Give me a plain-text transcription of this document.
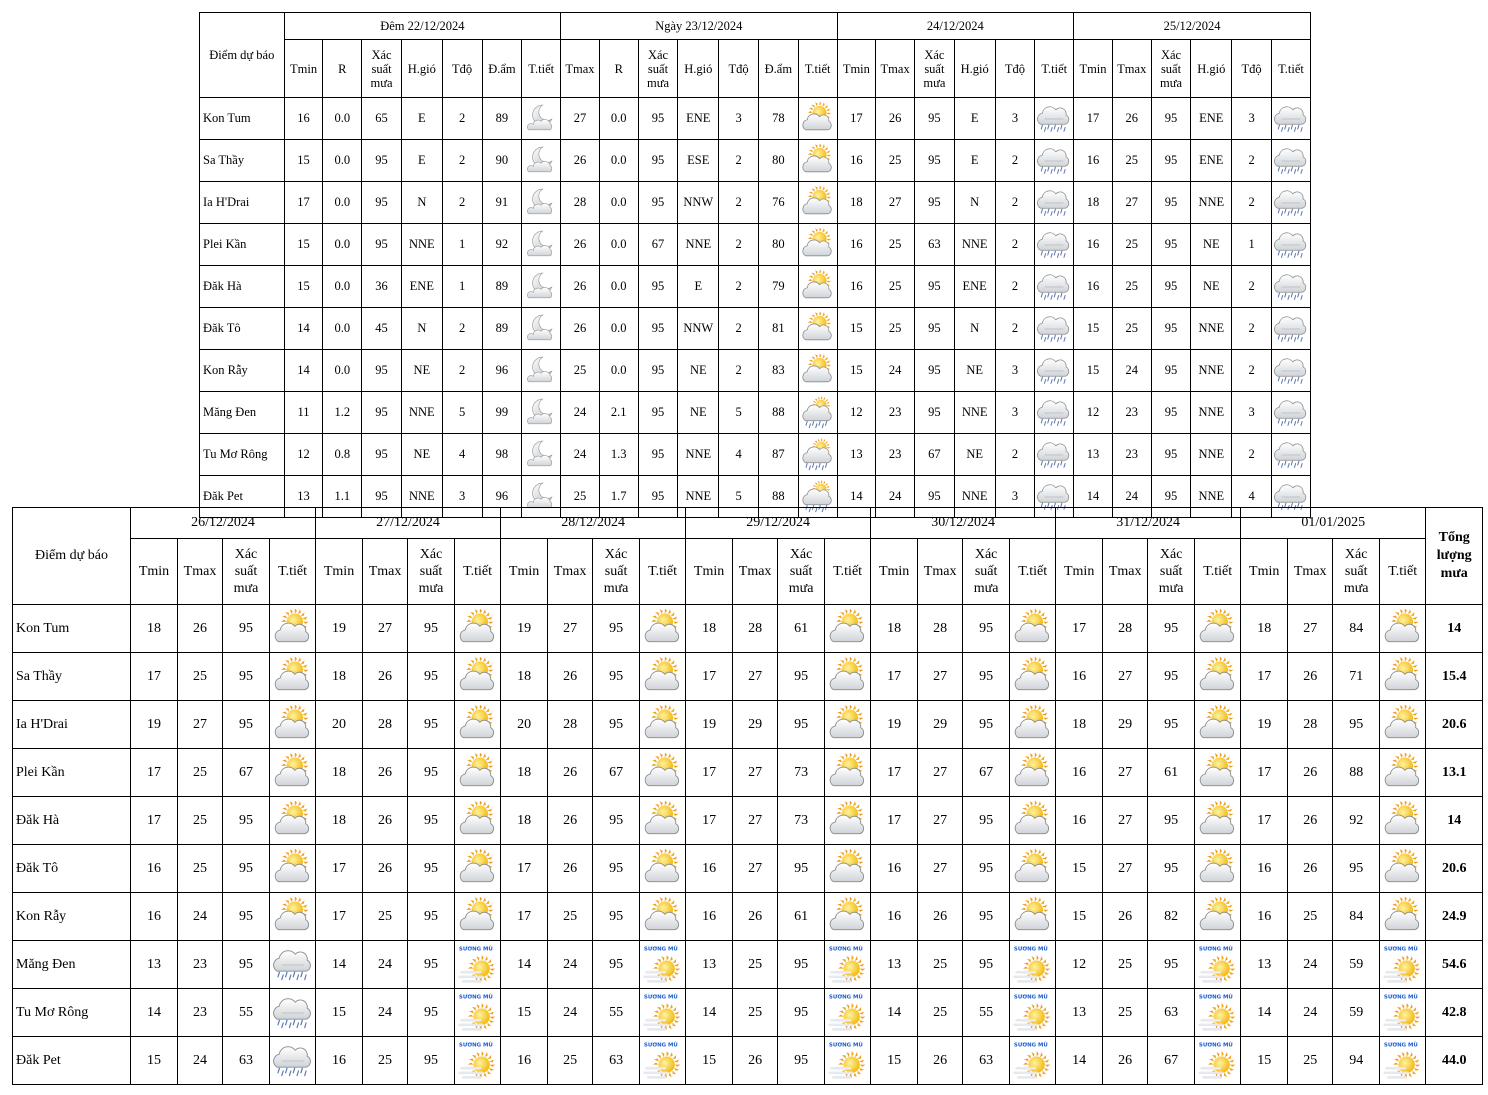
Điểm dự báo	Đêm 22/12/2024							Ngày 23/12/2024							24/12/2024						25/12/2024					
	Tmin	R	Xác suất mưa	H.gió	Tđộ	Đ.ẩm	T.tiết	Tmax	R	Xác suất mưa	H.gió	Tđộ	Đ.ẩm	T.tiết	Tmin	Tmax	Xác suất mưa	H.gió	Tđộ	T.tiết	Tmin	Tmax	Xác suất mưa	H.gió	Tđộ	T.tiết
Kon Tum	16	0.0	65	E	2	89		27	0.0	95	ENE	3	78		17	26	95	E	3		17	26	95	ENE	3	

Sa Thầy	15	0.0	95	E	2	90		26	0.0	95	ESE	2	80		16	25	95	E	2		16	25	95	ENE	2	

Ia H'Drai	17	0.0	95	N	2	91		28	0.0	95	NNW	2	76		18	27	95	N	2		18	27	95	NNE	2	

Plei Kần	15	0.0	95	NNE	1	92		26	0.0	67	NNE	2	80		16	25	63	NNE	2		16	25	95	NE	1	

Đăk Hà	15	0.0	36	ENE	1	89		26	0.0	95	E	2	79		16	25	95	ENE	2		16	25	95	NE	2	

Đăk Tô	14	0.0	45	N	2	89		26	0.0	95	NNW	2	81		15	25	95	N	2		15	25	95	NNE	2	

Kon Rẫy	14	0.0	95	NE	2	96		25	0.0	95	NE	2	83		15	24	95	NE	3		15	24	95	NNE	2	

Măng Đen	11	1.2	95	NNE	5	99		24	2.1	95	NE	5	88		12	23	95	NNE	3		12	23	95	NNE	3	

Tu Mơ Rông	12	0.8	95	NE	4	98		24	1.3	95	NNE	4	87		13	23	67	NE	2		13	23	95	NNE	2	

Đăk Pet	13	1.1	95	NNE	3	96		25	1.7	95	NNE	5	88		14	24	95	NNE	3		14	24	95	NNE	4	
Điểm dự báo	26/12/2024				27/12/2024				28/12/2024				29/12/2024				30/12/2024				31/12/2024				01/01/2025				Tổng lượng mưa
	Tmin	Tmax	Xác suất mưa	T.tiết	Tmin	Tmax	Xác suất mưa	T.tiết	Tmin	Tmax	Xác suất mưa	T.tiết	Tmin	Tmax	Xác suất mưa	T.tiết	Tmin	Tmax	Xác suất mưa	T.tiết	Tmin	Tmax	Xác suất mưa	T.tiết	Tmin	Tmax	Xác suất mưa	T.tiết	
Kon Tum	18	26	95		19	27	95		19	27	95		18	28	61		18	28	95		17	28	95		18	27	84		14
Sa Thầy	17	25	95		18	26	95		18	26	95		17	27	95		17	27	95		16	27	95		17	26	71		15.4
Ia H'Drai	19	27	95		20	28	95		20	28	95		19	29	95		19	29	95		18	29	95		19	28	95		20.6
Plei Kần	17	25	67		18	26	95		18	26	67		17	27	73		17	27	67		16	27	61		17	26	88		13.1
Đăk Hà	17	25	95		18	26	95		18	26	95		17	27	73		17	27	95		16	27	95		17	26	92		14
Đăk Tô	16	25	95		17	26	95		17	26	95		16	27	95		16	27	95		15	27	95		16	26	95		20.6
Kon Rẫy	16	24	95		17	25	95		17	25	95		16	26	61		16	26	95		15	26	82		16	25	84		24.9
Măng Đen	13	23	95		14	24	95	SƯƠNG MÙ	14	24	95	SƯƠNG MÙ	13	25	95	SƯƠNG MÙ	13	25	95	SƯƠNG MÙ	12	25	95	SƯƠNG MÙ	13	24	59	SƯƠNG MÙ	54.6
Tu Mơ Rông	14	23	55		15	24	95	SƯƠNG MÙ	15	24	55	SƯƠNG MÙ	14	25	95	SƯƠNG MÙ	14	25	55	SƯƠNG MÙ	13	25	63	SƯƠNG MÙ	14	24	59	SƯƠNG MÙ	42.8
Đăk Pet	15	24	63		16	25	95	SƯƠNG MÙ	16	25	63	SƯƠNG MÙ	15	26	95	SƯƠNG MÙ	15	26	63	SƯƠNG MÙ	14	26	67	SƯƠNG MÙ	15	25	94	SƯƠNG MÙ	44.0
